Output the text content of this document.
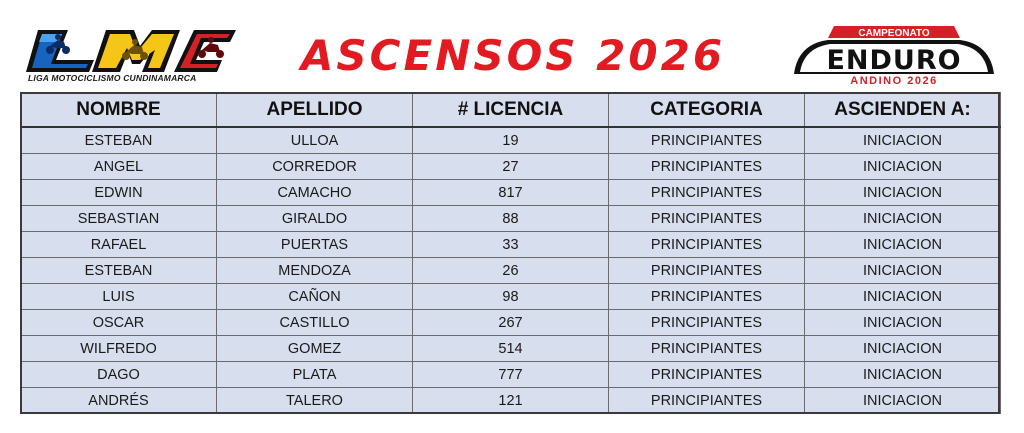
LIGA MOTOCICLISMO CUNDINAMARCA	ASCENSOS 2026	CAMPEONATO
ENDURO
ANDINO 2026
NOMBRE	APELLIDO	# LICENCIA	CATEGORIA	ASCIENDEN A:
ESTEBAN	ULLOA	19	PRINCIPIANTES	INICIACION
ANGEL	CORREDOR	27	PRINCIPIANTES	INICIACION
EDWIN	CAMACHO	817	PRINCIPIANTES	INICIACION
SEBASTIAN	GIRALDO	88	PRINCIPIANTES	INICIACION
RAFAEL	PUERTAS	33	PRINCIPIANTES	INICIACION
ESTEBAN	MENDOZA	26	PRINCIPIANTES	INICIACION
LUIS	CAÑON	98	PRINCIPIANTES	INICIACION
OSCAR	CASTILLO	267	PRINCIPIANTES	INICIACION
WILFREDO	GOMEZ	514	PRINCIPIANTES	INICIACION
DAGO	PLATA	777	PRINCIPIANTES	INICIACION
ANDRÉS	TALERO	121	PRINCIPIANTES	INICIACION
